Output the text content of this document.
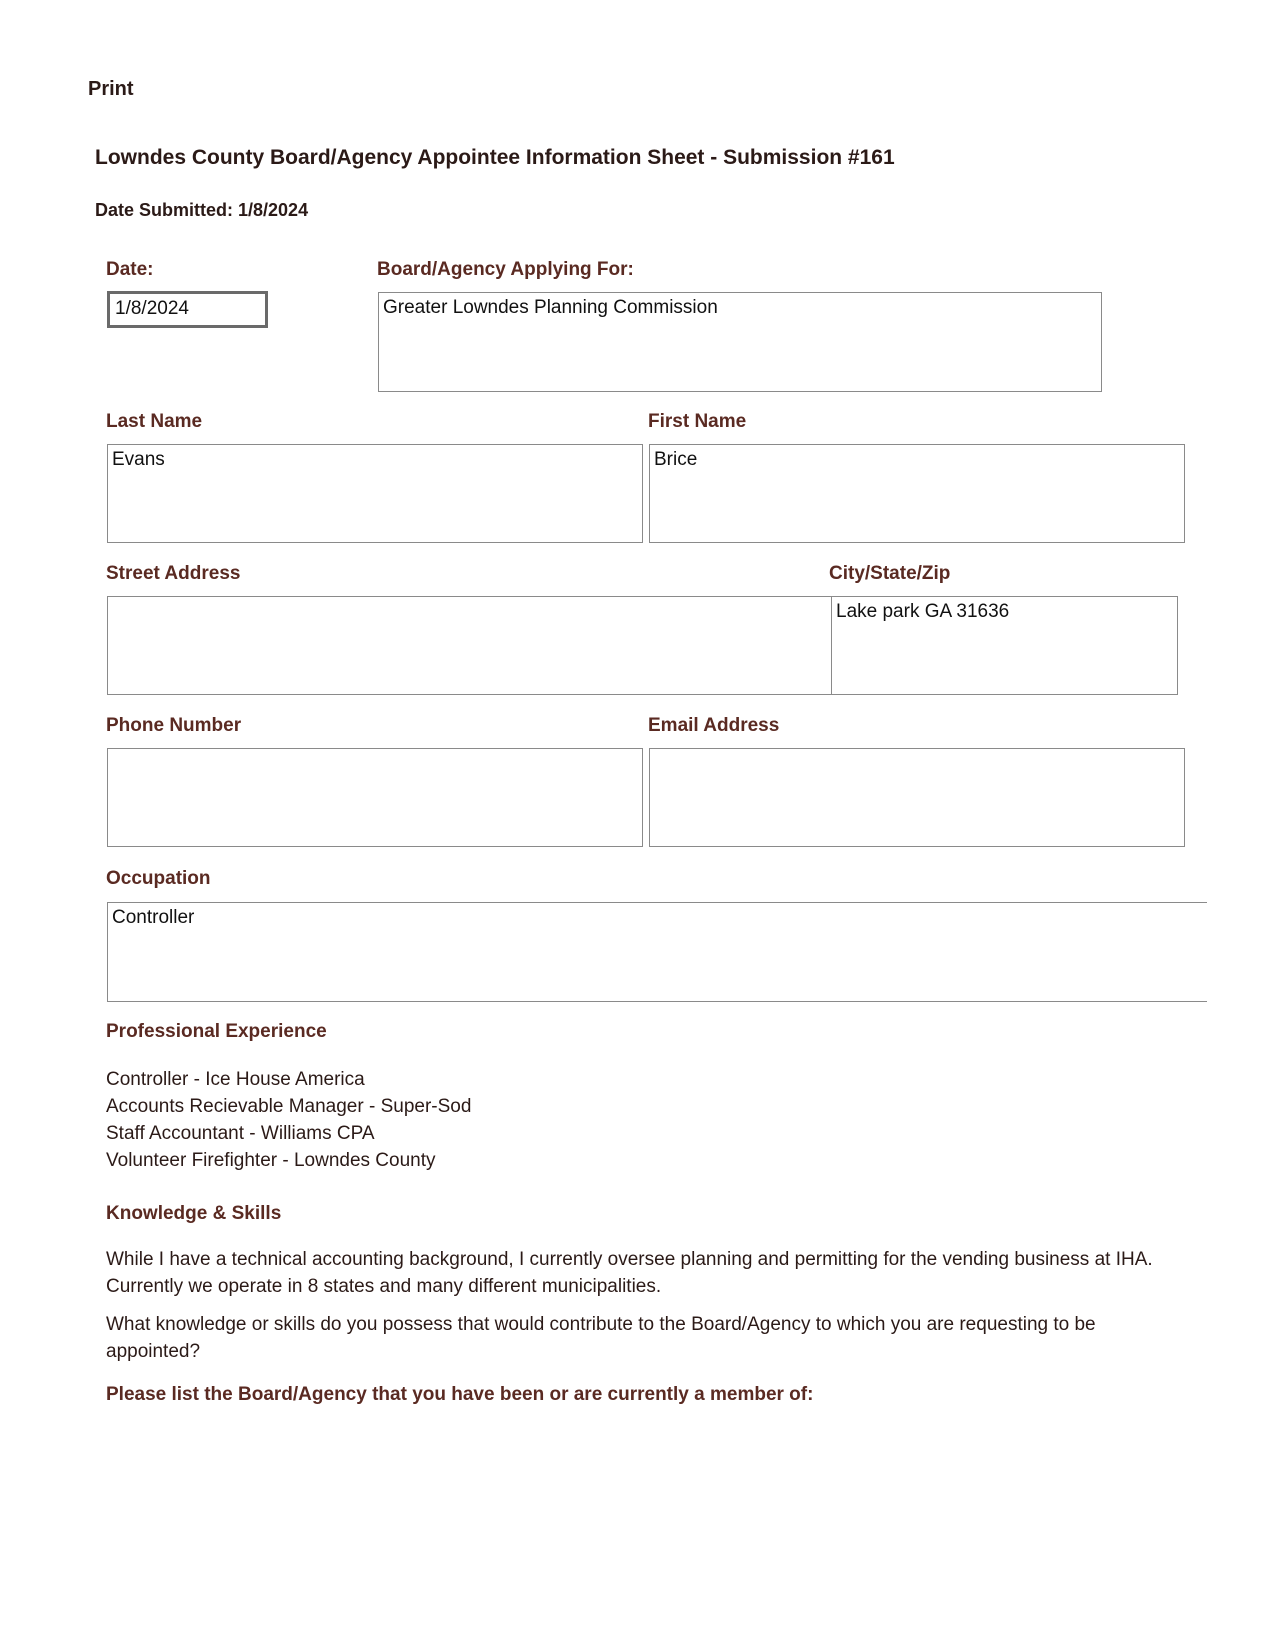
Print
Lowndes County Board/Agency Appointee Information Sheet - Submission #161
Date Submitted: 1/8/2024
Date:
1/8/2024
Board/Agency Applying For:
Greater Lowndes Planning Commission
Last Name
Evans
First Name
Brice
Street Address	City/State/Zip
Lake park GA 31636
Phone Number	Email Address
Occupation
Controller
Professional Experience
Controller - Ice House America
Accounts Recievable Manager - Super-Sod
Staff Accountant - Williams CPA
Volunteer Firefighter - Lowndes County
Knowledge & Skills

While I have a technical accounting background, I currently oversee planning and permitting for the vending business at IHA. Currently we operate in 8 states and many different municipalities.

What knowledge or skills do you possess that would contribute to the Board/Agency to which you are requesting to be appointed?

Please list the Board/Agency that you have been or are currently a member of:
